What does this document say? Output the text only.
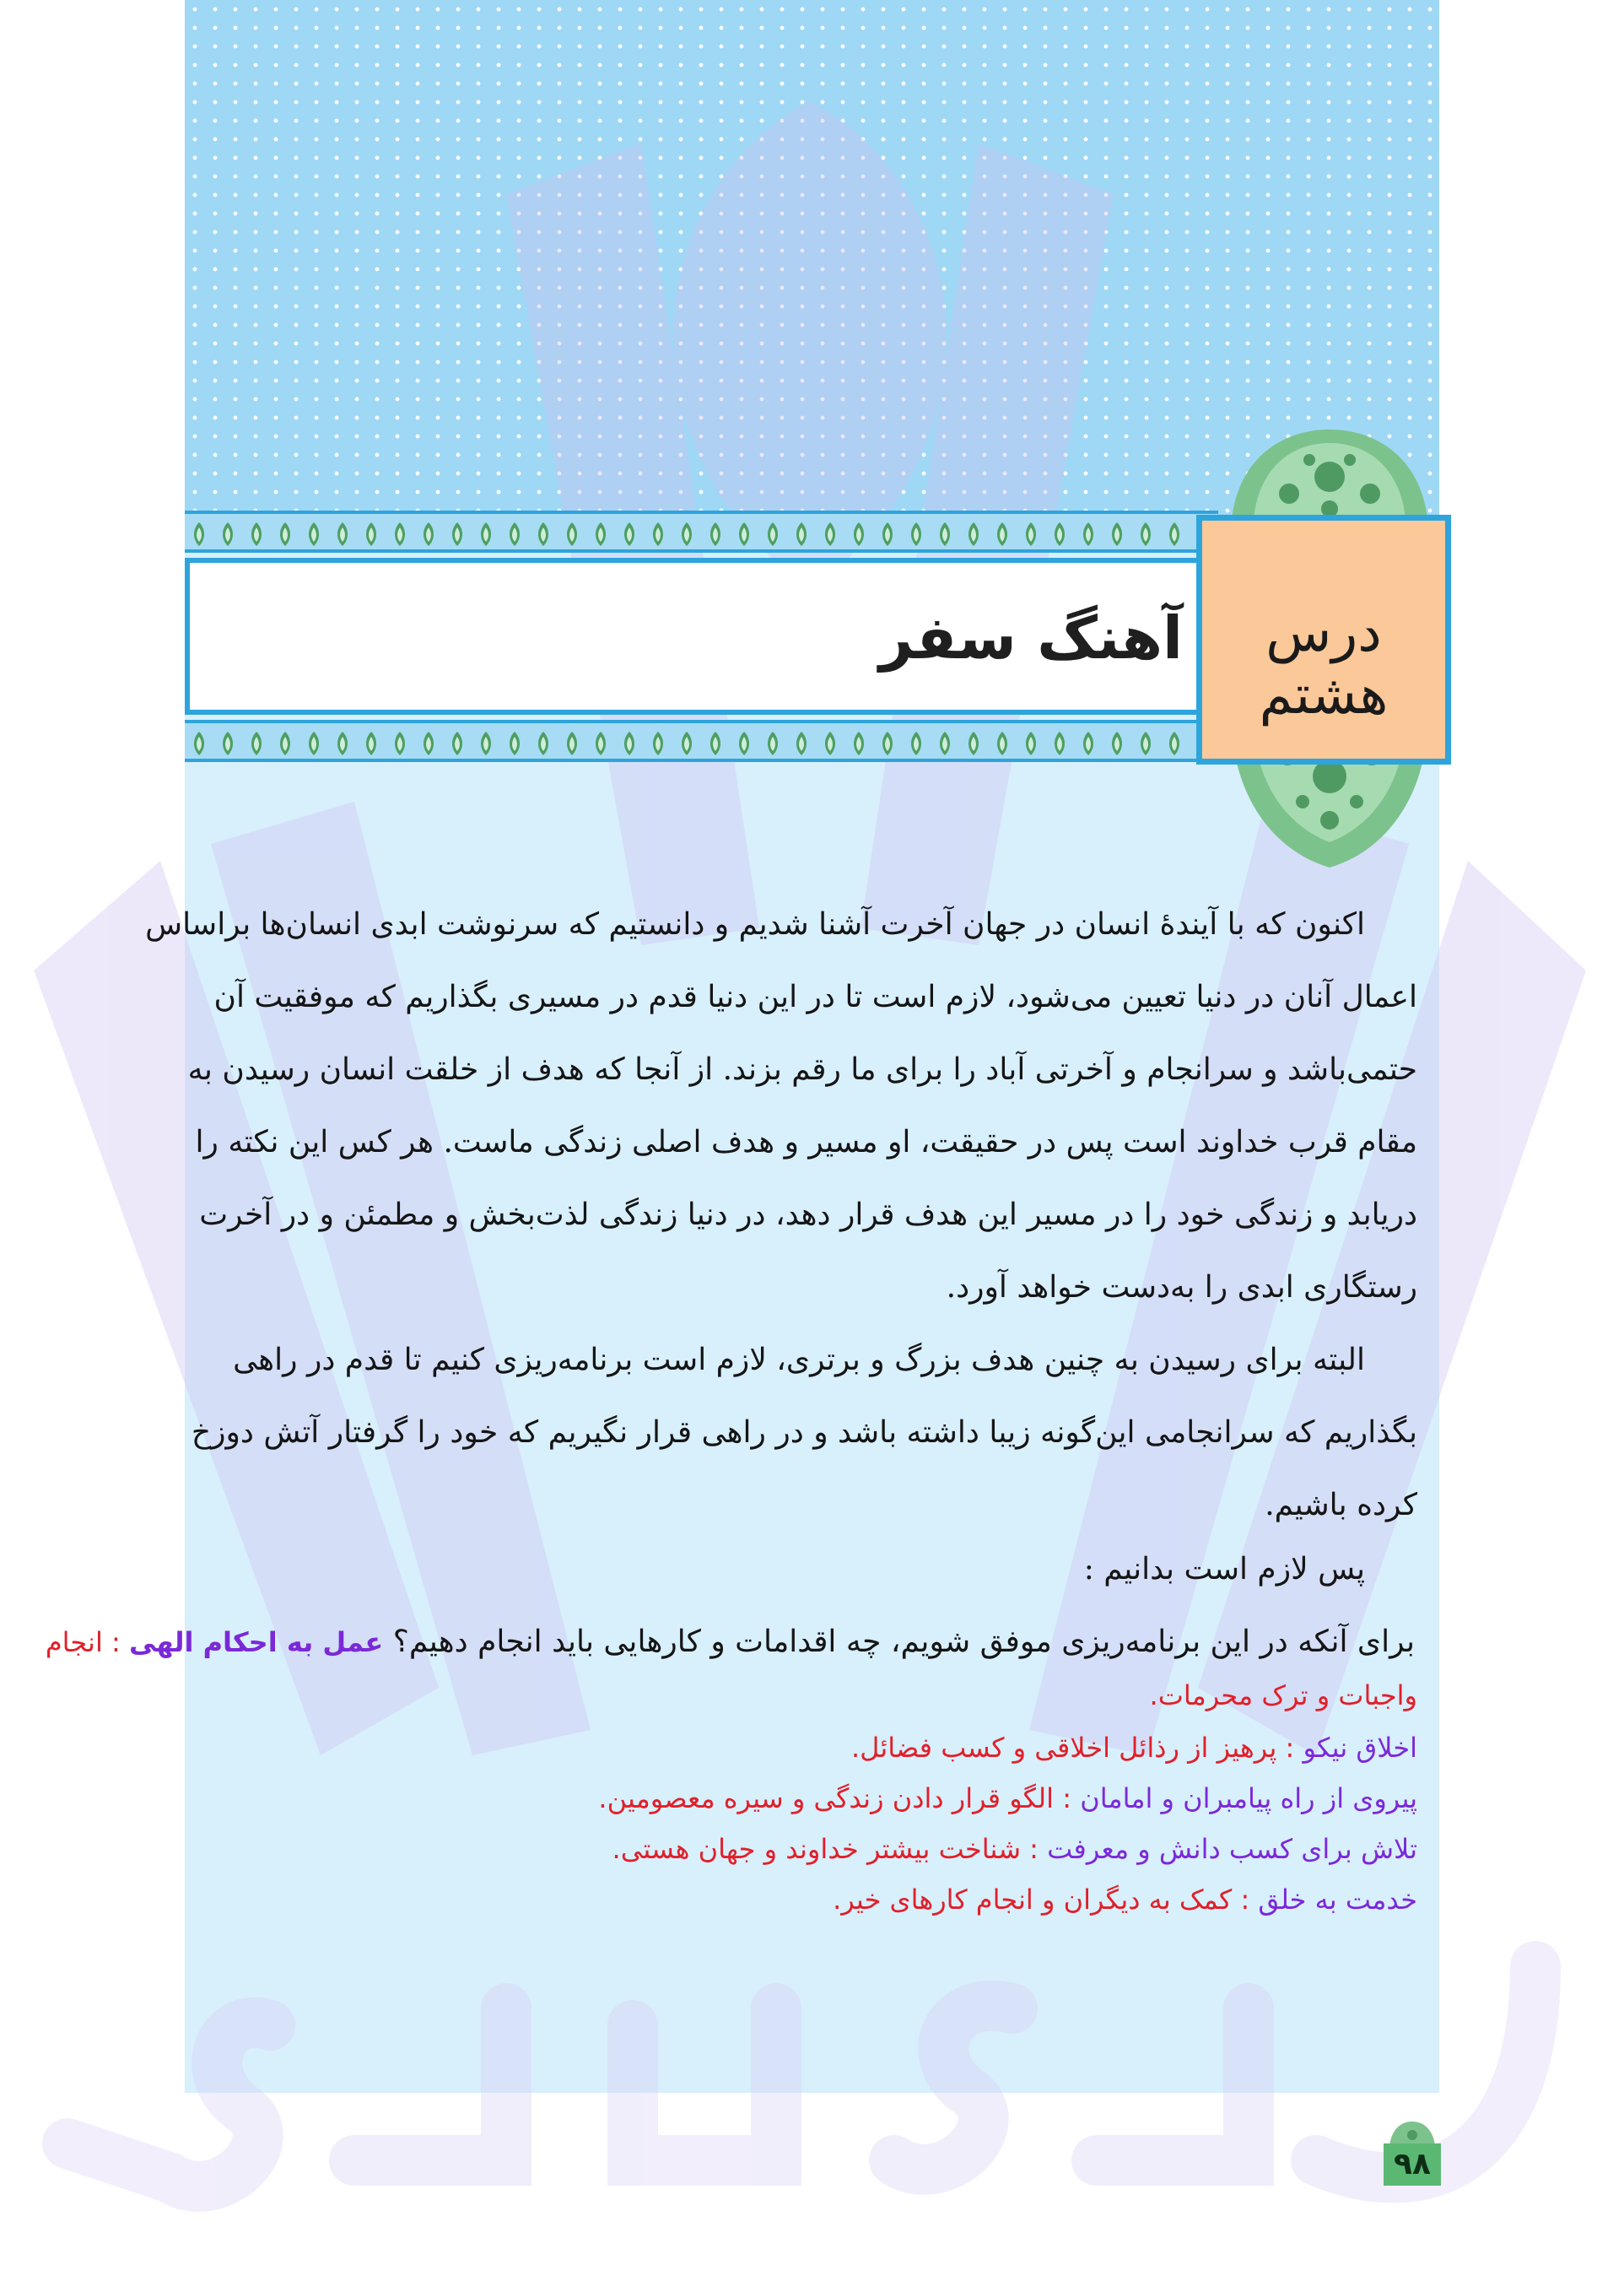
آهنگ سفر	درس هشتم
اکنون که با آیندهٔ انسان در جهان آخرت آشنا شدیم و دانستیم که سرنوشت ابدی انسان‌ها براساس
اعمال آنان در دنیا تعیین می‌شود، لازم است تا در این دنیا قدم در مسیری بگذاریم که موفقیت آن
حتمی‌باشد و سرانجام و آخرتی آباد را برای ما رقم بزند. از آنجا که هدف از خلقت انسان رسیدن به
مقام قرب خداوند است پس در حقیقت، او مسیر و هدف اصلی زندگی ماست. هر کس این نکته را
دریابد و زندگی خود را در مسیر این هدف قرار دهد، در دنیا زندگی لذت‌بخش و مطمئن و در آخرت
رستگاری ابدی را به‌دست خواهد آورد.
البته برای رسیدن به چنین هدف بزرگ و برتری، لازم است برنامه‌ریزی کنیم تا قدم در راهی
بگذاریم که سرانجامی این‌گونه زیبا داشته باشد و در راهی قرار نگیریم که خود را گرفتار آتش دوزخ
کرده باشیم.
پس لازم است بدانیم :
برای آنکه در این برنامه‌ریزی موفق شویم، چه اقدامات و کارهایی باید انجام دهیم؟ عمل به احکام الهی : انجام
واجبات و ترک محرمات.
اخلاق نیکو : پرهیز از رذائل اخلاقی و کسب فضائل.
پیروی از راه پیامبران و امامان : الگو قرار دادن زندگی و سیره معصومین.
تلاش برای کسب دانش و معرفت : شناخت بیشتر خداوند و جهان هستی.
خدمت به خلق : کمک به دیگران و انجام کارهای خیر.
۹۸
